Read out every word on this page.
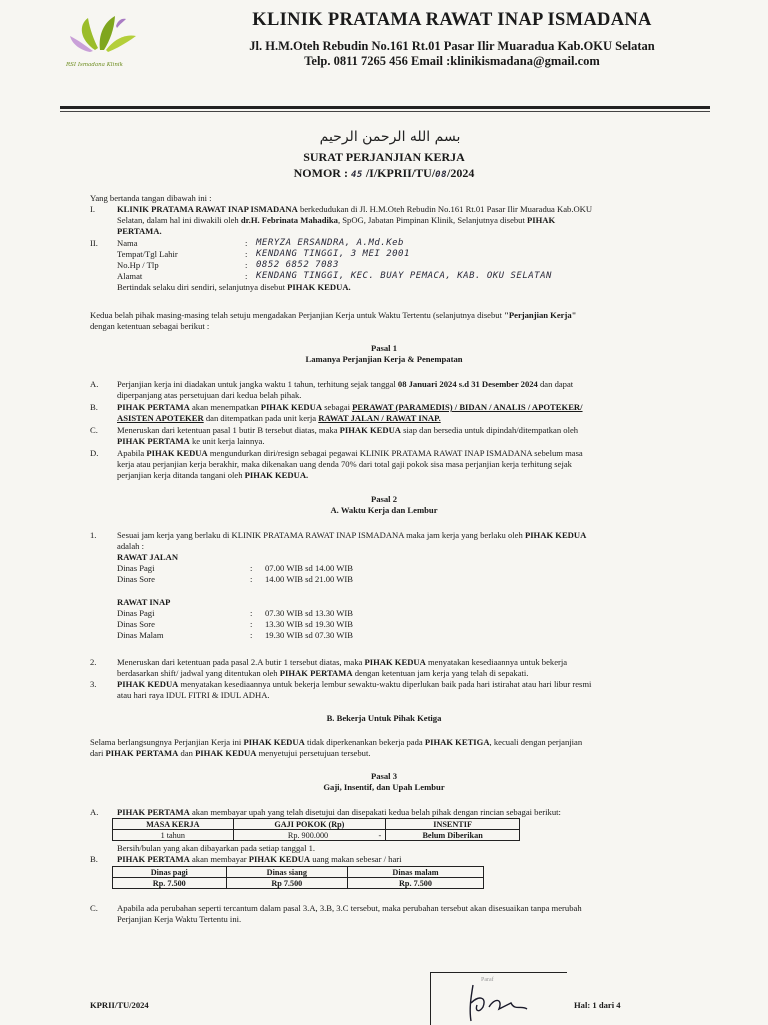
RSI Ismadana Klinik
KLINIK PRATAMA RAWAT INAP ISMADANA
Jl. H.M.Oteh Rebudin No.161 Rt.01 Pasar Ilir Muaradua Kab.OKU Selatan
Telp. 0811 7265 456 Email :klinikismadana@gmail.com
بسم الله الرحمن الرحيم
SURAT PERJANJIAN KERJA
NOMOR : 45 /I/KPRII/TU/08/2024
Yang bertanda tangan dibawah ini :
I.	KLINIK PRATAMA RAWAT INAP ISMADANA berkedudukan di Jl. H.M.Oteh Rebudin No.161 Rt.01 Pasar Ilir Muaradua Kab.OKU
Selatan, dalam hal ini diwakili oleh dr.H. Febrinata Mahadika, SpOG, Jabatan Pimpinan Klinik, Selanjutnya disebut PIHAK
PERTAMA.
II. Nama	: MERYZA ERSANDRA, A.Md.Keb
Tempat/Tgl Lahir	: KENDANG TINGGI, 3 MEI 2001
No.Hp / Tlp	: 0852 6852 7083
Alamat	: KENDANG TINGGI, KEC. BUAY PEMACA, KAB. OKU SELATAN
Bertindak selaku diri sendiri, selanjutnya disebut PIHAK KEDUA.
Kedua belah pihak masing-masing telah setuju mengadakan Perjanjian Kerja untuk Waktu Tertentu (selanjutnya disebut "Perjanjian Kerja"
dengan ketentuan sebagai berikut :
Pasal 1
Lamanya Perjanjian Kerja & Penempatan
A. Perjanjian kerja ini diadakan untuk jangka waktu 1 tahun, terhitung sejak tanggal 08 Januari 2024 s.d 31 Desember 2024 dan dapat
diperpanjang atas persetujuan dari kedua belah pihak.
B. PIHAK PERTAMA akan menempatkan PIHAK KEDUA sebagai PERAWAT (PARAMEDIS) / BIDAN / ANALIS / APOTEKER/
ASISTEN APOTEKER dan ditempatkan pada unit kerja RAWAT JALAN / RAWAT INAP.
C. Meneruskan dari ketentuan pasal 1 butir B tersebut diatas, maka PIHAK KEDUA siap dan bersedia untuk dipindah/ditempatkan oleh
PIHAK PERTAMA ke unit kerja lainnya.
D. Apabila PIHAK KEDUA mengundurkan diri/resign sebagai pegawai KLINIK PRATAMA RAWAT INAP ISMADANA sebelum masa
kerja atau perjanjian kerja berakhir, maka dikenakan uang denda 70% dari total gaji pokok sisa masa perjanjian kerja terhitung sejak
perjanjian kerja ditanda tangani oleh PIHAK KEDUA.
Pasal 2
A. Waktu Kerja dan Lembur
1. Sesuai jam kerja yang berlaku di KLINIK PRATAMA RAWAT INAP ISMADANA maka jam kerja yang berlaku oleh PIHAK KEDUA
adalah :
RAWAT JALAN
Dinas Pagi	: 07.00 WIB sd 14.00 WIB
Dinas Sore	: 14.00 WIB sd 21.00 WIB
RAWAT INAP
Dinas Pagi	: 07.30 WIB sd 13.30 WIB
Dinas Sore	: 13.30 WIB sd 19.30 WIB
Dinas Malam	: 19.30 WIB sd 07.30 WIB
2. Meneruskan dari ketentuan pada pasal 2.A butir 1 tersebut diatas, maka PIHAK KEDUA menyatakan kesediaannya untuk bekerja
berdasarkan shift/ jadwal yang ditentukan oleh PIHAK PERTAMA dengan ketentuan jam kerja yang telah di sepakati.
3. PIHAK KEDUA menyatakan kesediaannya untuk bekerja lembur sewaktu-waktu diperlukan baik pada hari istirahat atau hari libur resmi
atau hari raya IDUL FITRI & IDUL ADHA.
B. Bekerja Untuk Pihak Ketiga
Selama berlangsungnya Perjanjian Kerja ini PIHAK KEDUA tidak diperkenankan bekerja pada PIHAK KETIGA, kecuali dengan perjanjian
dari PIHAK PERTAMA dan PIHAK KEDUA menyetujui persetujuan tersebut.
Pasal 3
Gaji, Insentif, dan Upah Lembur
A. PIHAK PERTAMA akan membayar upah yang telah disetujui dan disepakati kedua belah pihak dengan rincian sebagai berikut:
MASA KERJA	GAJI POKOK (Rp)	INSENTIF
1 tahun	Rp. 900.000 -	Belum Diberikan
Bersih/bulan yang akan dibayarkan pada setiap tanggal 1.
B. PIHAK PERTAMA akan membayar PIHAK KEDUA uang makan sebesar / hari
Dinas pagi	Dinas siang	Dinas malam
Rp. 7.500	Rp 7.500	Rp. 7.500
C. Apabila ada perubahan seperti tercantum dalam pasal 3.A, 3.B, 3.C tersebut, maka perubahan tersebut akan disesuaikan tanpa merubah
Perjanjian Kerja Waktu Tertentu ini.
KPRII/TU/2024
Paraf
Hal: 1 dari 4
